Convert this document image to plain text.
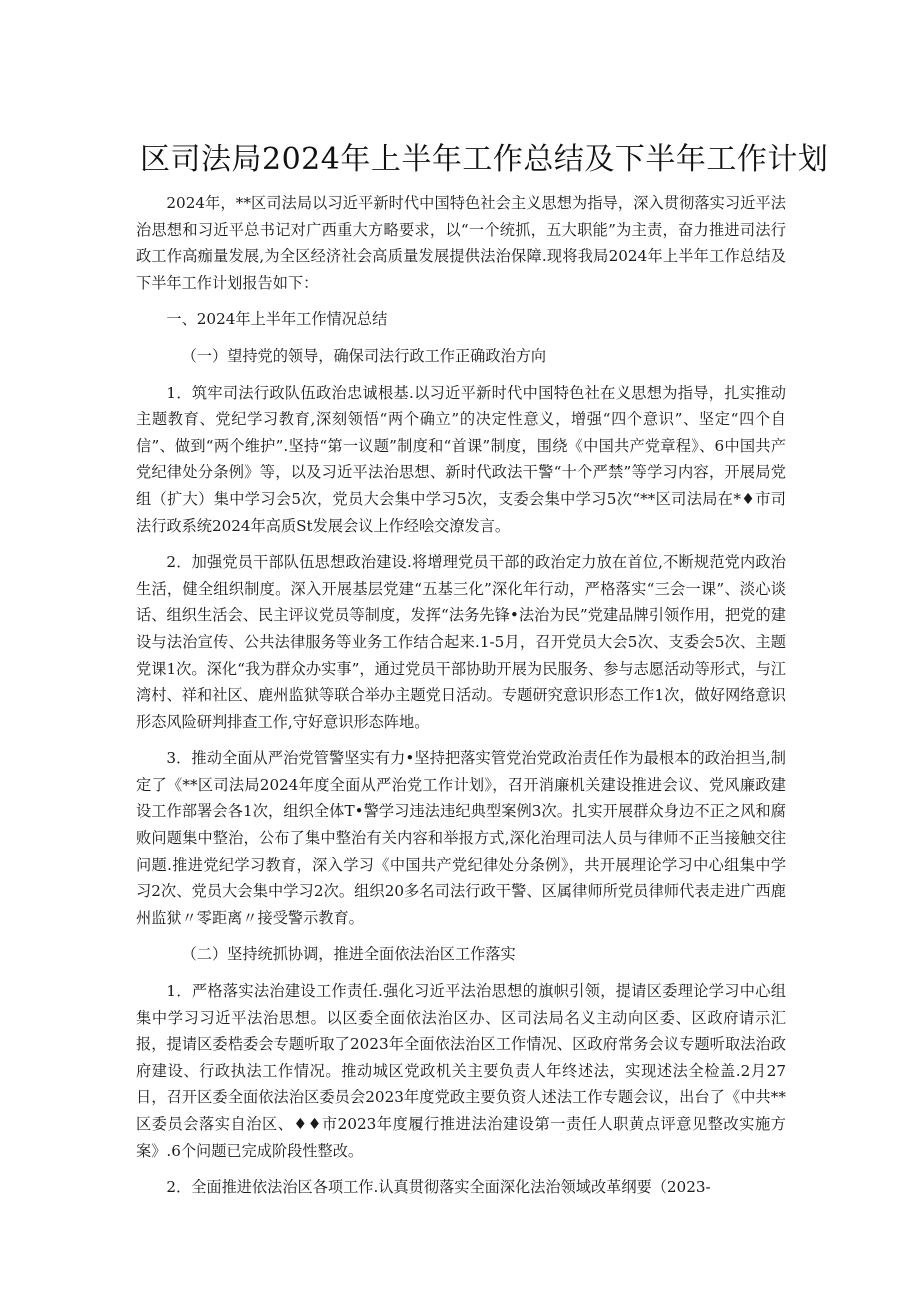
区司法局2024年上半年工作总结及下半年工作计划

2024年，**区司法局以习近平新时代中国特色社会主义思想为指导，深入贯彻落实习近平法治思想和习近平总书记对广西重大方略要求，以“一个统抓，五大职能”为主责，奋力推进司法行政工作高痂量发展,为全区经济社会高质量发展提供法治保障.现将我局2024年上半年工作总结及下半年工作计划报告如下：

一、2024年上半年工作情况总结

（一）望持党的领导，确保司法行政工作正确政治方向

1．筑牢司法行政队伍政治忠诚根基.以习近平新时代中国特色社在义思想为指导，扎实推动主题教育、党纪学习教育,深刻领悟“两个确立”的决定性意义，增强“四个意识”、坚定“四个自信”、做到“两个维护”.坚持“第一议题”制度和“首课”制度，围绕《中国共产党章程》、6中国共产党纪律处分条例》等，以及习近平法治思想、新时代政法干警“十个严禁”等学习内容，开展局党组（扩大）集中学习会5次，党员大会集中学习5次，支委会集中学习5次“**区司法局在*♦市司法行政系统2024年高质St发展会议上作经哙交潦发言。

2．加强党员干部队伍思想政治建设.将增理党员干部的政治定力放在首位,不断规范党内政治生活，健全组织制度。深入开展基层党建“五基三化”深化年行动，严格落实“三会一课”、淡心谈话、组织生活会、民主评议党员等制度，发挥“法务先锋•法治为民”党建品牌引领作用，把党的建设与法治宣传、公共法律服务等业务工作结合起来.1-5月，召开党员大会5次、支委会5次、主题党课1次。深化“我为群众办实事”，通过党员干部协助开展为民服务、参与志愿活动等形式，与江湾村、祥和社区、鹿州监狱等联合举办主题党日活动。专题研究意识形态工作1次，做好网络意识形态风险研判排查工作,守好意识形态阵地。

3．推动全面从严治党管警坚实有力•坚持把落实管党治党政治责任作为最根本的政治担当,制定了《**区司法局2024年度全面从严治党工作计划》，召开消廉机关建设推进会议、党风廉政建设工作部署会各1次，组织全体T•警学习违法违纪典型案例3次。扎实开展群众身边不正之风和腐败问题集中整治，公布了集中整治有关内容和举报方式,深化治理司法人员与律师不正当接触交往问题.推进党纪学习教育，深入学习《中国共产党纪律处分条例》，共开展理论学习中心组集中学习2次、党员大会集中学习2次。组织20多名司法行政干警、区属律师所党员律师代表走进广西鹿州监狱〃零距离〃接受警示教育。

（二）坚持统抓协调，推进全面依法治区工作落实

1．严格落实法治建设工作责任.强化习近平法治思想的旗帜引领，提请区委理论学习中心组集中学习习近平法治思想。以区委全面依法治区办、区司法局名义主动向区委、区政府请示汇报，提请区委梏委会专题听取了2023年全面依法治区工作情况、区政府常务会议专题听取法治政府建设、行政执法工作情况。推动城区党政机关主要负责人年终述法，实现述法全检盖.2月27日，召开区委全面依法治区委员会2023年度党政主要负资人述法工作专题会议，出台了《中共**区委员会落实自治区、♦♦市2023年度履行推进法治建设第一责任人职黄点评意见整改实施方案》.6个问题已完成阶段性整改。

2．全面推进依法治区各项工作.认真贯彻落实全面深化法治领域改革纲要（2023-
